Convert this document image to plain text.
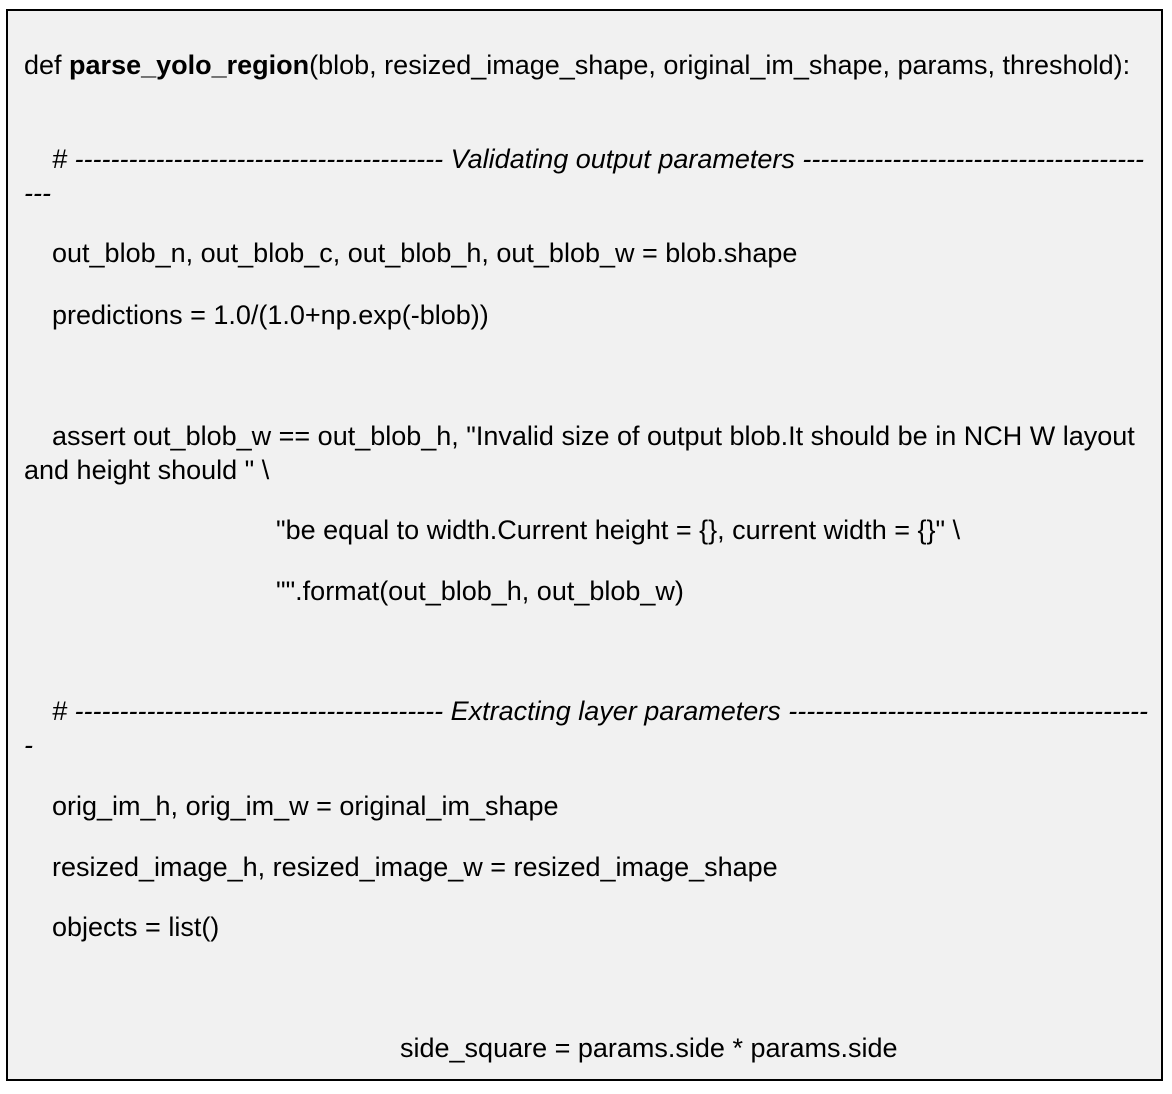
def parse_yolo_region(blob, resized_image_shape, original_im_shape, params, threshold):
# ----------------------------------------- Validating output parameters -----------------------------------------
out_blob_n, out_blob_c, out_blob_h, out_blob_w = blob.shape
predictions = 1.0/(1.0+np.exp(-blob))
assert out_blob_w == out_blob_h, "Invalid size of output blob.It should be in NCH W layout and height should " \
"be equal to width.Current height = {}, current width = {}" \
"".format(out_blob_h, out_blob_w)
# ----------------------------------------- Extracting layer parameters -----------------------------------------
orig_im_h, orig_im_w = original_im_shape
resized_image_h, resized_image_w = resized_image_shape
objects = list()
side_square = params.side * params.side
